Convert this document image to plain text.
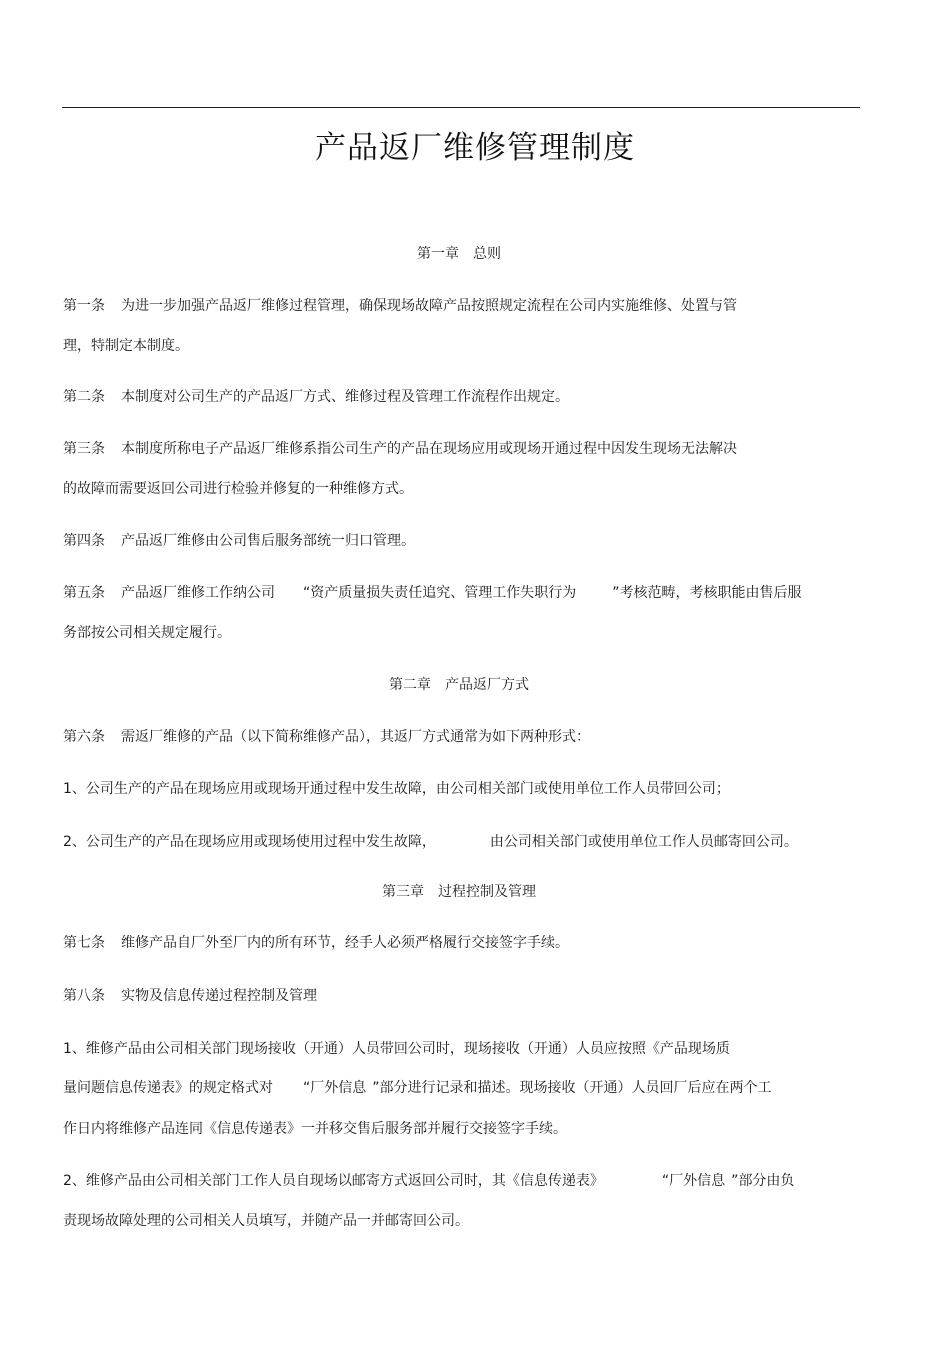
产品返厂维修管理制度
第一章　总则
第一条 为进一步加强产品返厂维修过程管理，确保现场故障产品按照规定流程在公司内实施维修、处置与管
理，特制定本制度。
第二条 本制度对公司生产的产品返厂方式、维修过程及管理工作流程作出规定。
第三条 本制度所称电子产品返厂维修系指公司生产的产品在现场应用或现场开通过程中因发生现场无法解决
的故障而需要返回公司进行检验并修复的一种维修方式。
第四条 产品返厂维修由公司售后服务部统一归口管理。
第五条 产品返厂维修工作纳公司 “资产质量损失责任追究、管理工作失职行为	”考核范畴，考核职能由售后服
务部按公司相关规定履行。
第二章　产品返厂方式
第六条 需返厂维修的产品（以下简称维修产品），其返厂方式通常为如下两种形式：
1、公司生产的产品在现场应用或现场开通过程中发生故障，由公司相关部门或使用单位工作人员带回公司；
2、公司生产的产品在现场应用或现场使用过程中发生故障，	由公司相关部门或使用单位工作人员邮寄回公司。
第三章　过程控制及管理
第七条 维修产品自厂外至厂内的所有环节，经手人必须严格履行交接签字手续。
第八条 实物及信息传递过程控制及管理
1、维修产品由公司相关部门现场接收（开通）人员带回公司时，现场接收（开通）人员应按照《产品现场质
量问题信息传递表》的规定格式对 “厂外信息 ”部分进行记录和描述。现场接收（开通）人员回厂后应在两个工
作日内将维修产品连同《信息传递表》一并移交售后服务部并履行交接签字手续。
2、维修产品由公司相关部门工作人员自现场以邮寄方式返回公司时，其《信息传递表》	“厂外信息 ”部分由负
责现场故障处理的公司相关人员填写，并随产品一并邮寄回公司。
